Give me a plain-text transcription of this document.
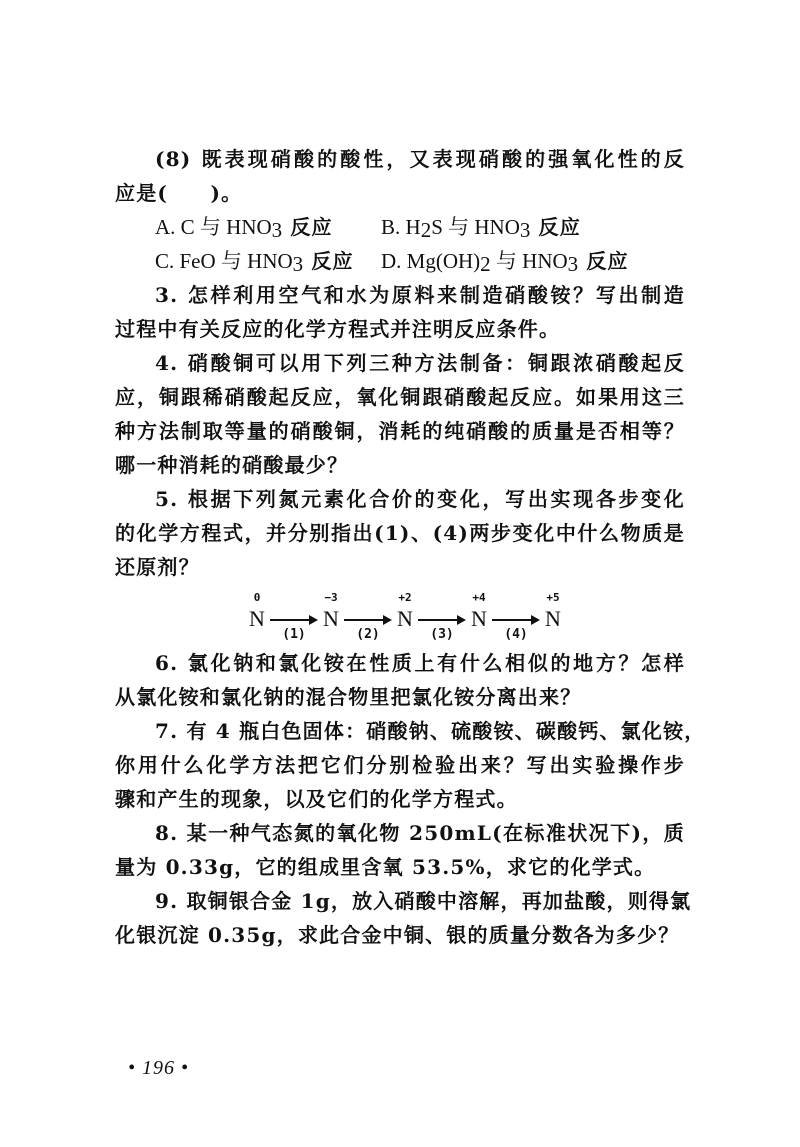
(8) 既表现硝酸的酸性，又表现硝酸的强氧化性的反
应是(　　)。
A. C 与 $HNO_3$ 反应	B. $H_2S$ 与 $HNO_3$ 反应
C. FeO 与 $HNO_3$ 反应	D. $Mg(OH)_2$ 与 $HNO_3$ 反应
3. 怎样利用空气和水为原料来制造硝酸铵？写出制造
过程中有关反应的化学方程式并注明反应条件。
4. 硝酸铜可以用下列三种方法制备：铜跟浓硝酸起反
应，铜跟稀硝酸起反应，氧化铜跟硝酸起反应。如果用这三
种方法制取等量的硝酸铜，消耗的纯硝酸的质量是否相等？
哪一种消耗的硝酸最少？
5. 根据下列氮元素化合价的变化，写出实现各步变化
的化学方程式，并分别指出(1)、(4)两步变化中什么物质是
还原剂？
0
N
(1)
−3
N
(2)
+2
N
(3)
+4
N
(4)
+5
N
6. 氯化钠和氯化铵在性质上有什么相似的地方？怎样
从氯化铵和氯化钠的混合物里把氯化铵分离出来？
7. 有 4 瓶白色固体：硝酸钠、硫酸铵、碳酸钙、氯化铵，
你用什么化学方法把它们分别检验出来？写出实验操作步
骤和产生的现象，以及它们的化学方程式。
8. 某一种气态氮的氧化物 250mL(在标准状况下)，质
量为 0.33g，它的组成里含氧 53.5%，求它的化学式。
9. 取铜银合金 1g，放入硝酸中溶解，再加盐酸，则得氯
化银沉淀 0.35g，求此合金中铜、银的质量分数各为多少？
• 196 •
